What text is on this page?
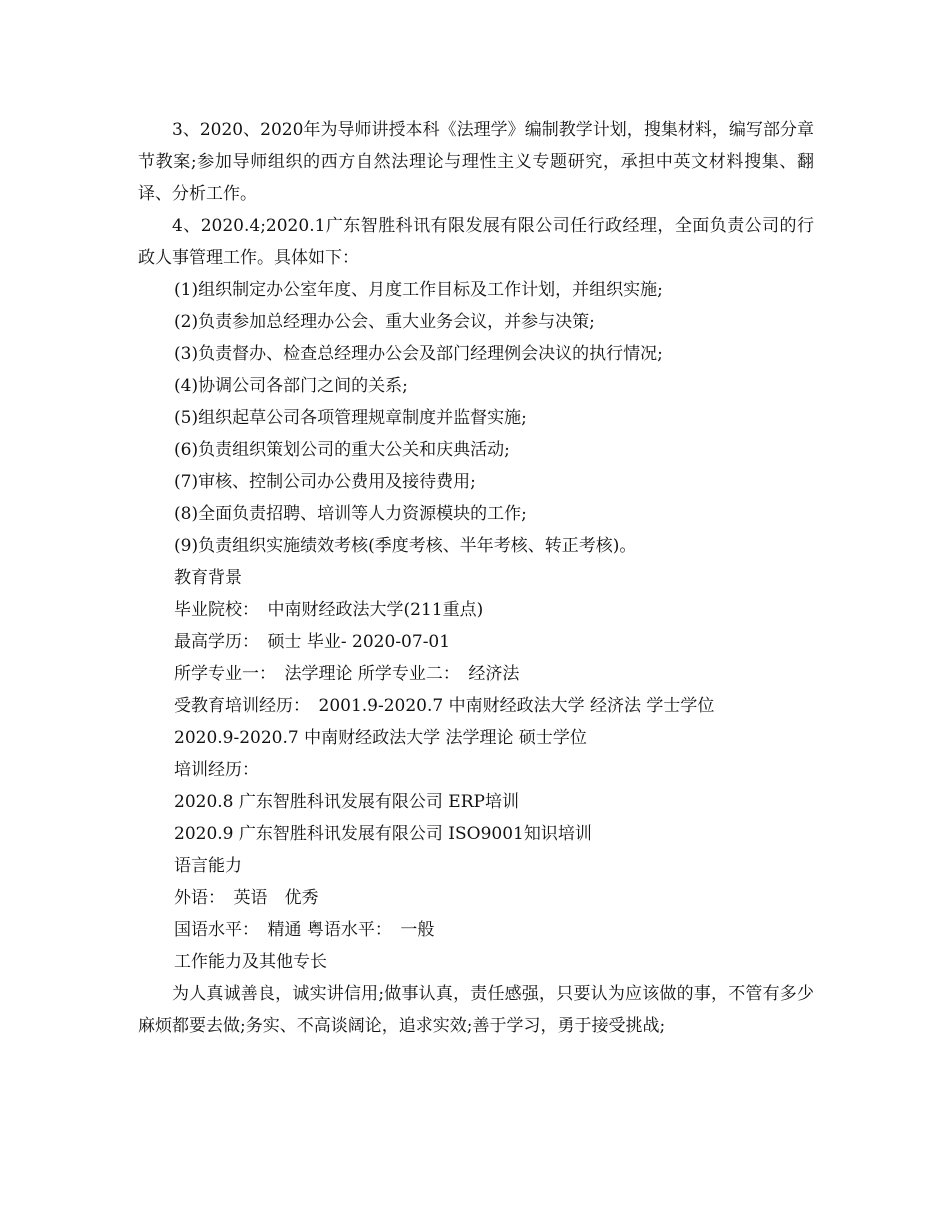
3、2020、2020年为导师讲授本科《法理学》编制教学计划，搜集材料，编写部分章节教案;参加导师组织的西方自然法理论与理性主义专题研究，承担中英文材料搜集、翻译、分析工作。

4、2020.4;2020.1广东智胜科讯有限发展有限公司任行政经理，全面负责公司的行政人事管理工作。具体如下：

(1)组织制定办公室年度、月度工作目标及工作计划，并组织实施;

(2)负责参加总经理办公会、重大业务会议，并参与决策;

(3)负责督办、检查总经理办公会及部门经理例会决议的执行情况;

(4)协调公司各部门之间的关系;

(5)组织起草公司各项管理规章制度并监督实施;

(6)负责组织策划公司的重大公关和庆典活动;

(7)审核、控制公司办公费用及接待费用;

(8)全面负责招聘、培训等人力资源模块的工作;

(9)负责组织实施绩效考核(季度考核、半年考核、转正考核)。

教育背景

毕业院校：　中南财经政法大学(211重点)

最高学历：　硕士 毕业- 2020-07-01

所学专业一：　法学理论 所学专业二：　经济法

受教育培训经历：　2001.9-2020.7 中南财经政法大学 经济法 学士学位

2020.9-2020.7 中南财经政法大学 法学理论 硕士学位

培训经历：

2020.8 广东智胜科讯发展有限公司 ERP培训

2020.9 广东智胜科讯发展有限公司 ISO9001知识培训

语言能力

外语：　英语　优秀

国语水平：　精通 粤语水平：　一般

工作能力及其他专长

为人真诚善良，诚实讲信用;做事认真，责任感强，只要认为应该做的事，不管有多少麻烦都要去做;务实、不高谈阔论，追求实效;善于学习，勇于接受挑战;
